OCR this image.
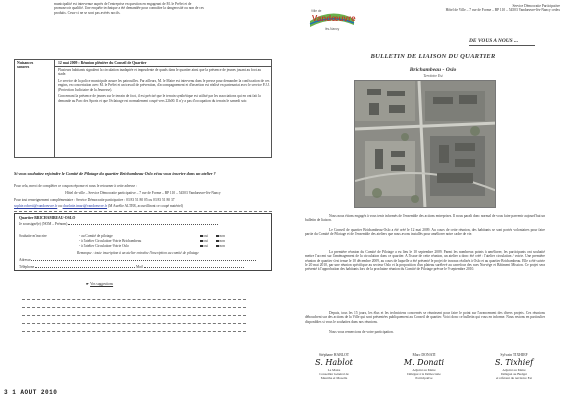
municipalité est intervenue auprès de l'entreprise en question en engageant de M. le Préfet et de
promouvoir qualifié. Une enquête technique a été demandée pour connaître la dangerosité ou non de ces
produits. Ceux-ci ne se sont pas avérés nocifs.
Nuisances
sonores
12 mai 2009 : Réunion plénière du Conseil de Quartier

Plusieurs habitants signalent la circulation inadaptée et imprudente de quads dans le quartier ainsi que la présence de jeunes jouant au foot au stade.

Le service de la police municipale assure les patrouilles. Par ailleurs, M. le Maire est intervenu dans le presse pour demander la confiscation de ces engins, en concertation avec M. le Préfet et un travail de prévention, d'accompagnement et d'insertion est réalisé en partenariat avec le service P.J.J. (Protection Judiciaire de la Jeunesse).

Concernant la présence de jeunes sur le terrain de foot, il est précisé que le terrain synthétique est utilisé par les associations qui en ont fait la demande au Parc des Sports et que l'éclairage est normalement coupé vers 22h00. Il n'y a pas d'occupation du terrain le samedi soir.

Si vous souhaitez rejoindre le Comité de Pilotage du quartier Brichambeau-Oslo et/ou vous inscrire dans un atelier ?
Pour cela, merci de compléter ce coupon réponse et nous le retourner à cette adresse :
Hôtel de ville – Service Démocratie participative – 7 rue de Forme – BP 110 – 54503 Vandœuvre-lès-Nancy
Pour tout renseignement complémentaire : Service Démocratie participative : 03 83 51 80 05 ou 03 83 51 80 37
sophie.roberti@vandoeuvre.fr ou charlotte.imart@vandoeuvre.fr (M Aurélie ALTER, accueilliront ce coupé matériel)
Quartier BRICHAMBEAU-OSLO
Je soussigné(e) (NOM – Prénom)
Souhaite m'inscrire	- au Comité de pilotage	oui	non
- à l'atelier Circulation-Voirie Brichambeau	oui	non
- à l'atelier Circulation-Voirie Oslo	oui	non
Remarque : toute inscription à un atelier entraîne l'inscription au comité de pilotage
Adresse
Téléphone	Mail
☛ Vos suggestions
3 1 AOUT 2010
Ville de
Vandœuvre
lès-Nancy
Service Démocratie Participative
Hôtel de Ville – 7 rue de Forme – BP 110 – 54503 Vandœuvre-lès-Nancy cedex
DE VOUS A NOUS ...
BULLETIN DE LIAISON DU QUARTIER
Brichambeau - Oslo
Territoire Est
Nous nous étions engagés à vous tenir informés de l'ensemble des actions entreprises. Il nous paraît donc normal de vous faire parvenir aujourd'hui un bulletin de liaison.
Le Conseil de quartier Brichambeau-Oslo a été créé le 12 mai 2009. Au cours de cette réunion, des habitants se sont portés volontaires pour faire partie du Comité de Pilotage et de l'ensemble des ateliers que nous avons installés pour améliorer notre cadre de vie.
La première réunion du Comité de Pilotage a eu lieu le 10 septembre 2009. Parmi les nombreux points à améliorer, les participants ont souhaité mettre l'accent sur l'aménagement de la circulation dans ce quartier. A l'issue de cette réunion, un atelier a donc été créé : l'atelier circulation / voirie. Une première réunion de quartier s'est tenue le 10 décembre 2009, au cours de laquelle a été présenté le projet de travaux réalisés à Oslo et au quartier Brichambeau. Elle a été suivie le 20 mai 2010, par une réunion spécifique au secteur Oslo et la proposition d'un plateau surélevé au carrefour des rues Norvège et Bâtiment Mission. Ce projet sera présenté à l'approbation des habitants lors de la prochaine réunion du Comité de Pilotage prévue le 9 septembre 2010.
Depuis, tous les 15 jours, les élus et les techniciens concernés se réunissent pour faire le point sur l'avancement des divers projets. Ces réunions débouchent sur des actions de la Ville qui sont présentées publiquement au Conseil de quartier. Voici donc ce bulletin qui vous en informe. Nous restons en particulier disponibles si vous le souhaitez dans nos réunions.
Nous vous remercions de votre participation.
Stéphane HABLOT
S. Hablot
Le Maire
Conseiller Général de
Meurthe et Moselle
Marc DONATI
M. Donati
Adjoint au Maire
Délégué à la Démocratie
Participative
Sylvain TIXHIEF
S. Tixhief
Adjoint au Maire
Délégué au Budget
et référent du territoire Est
